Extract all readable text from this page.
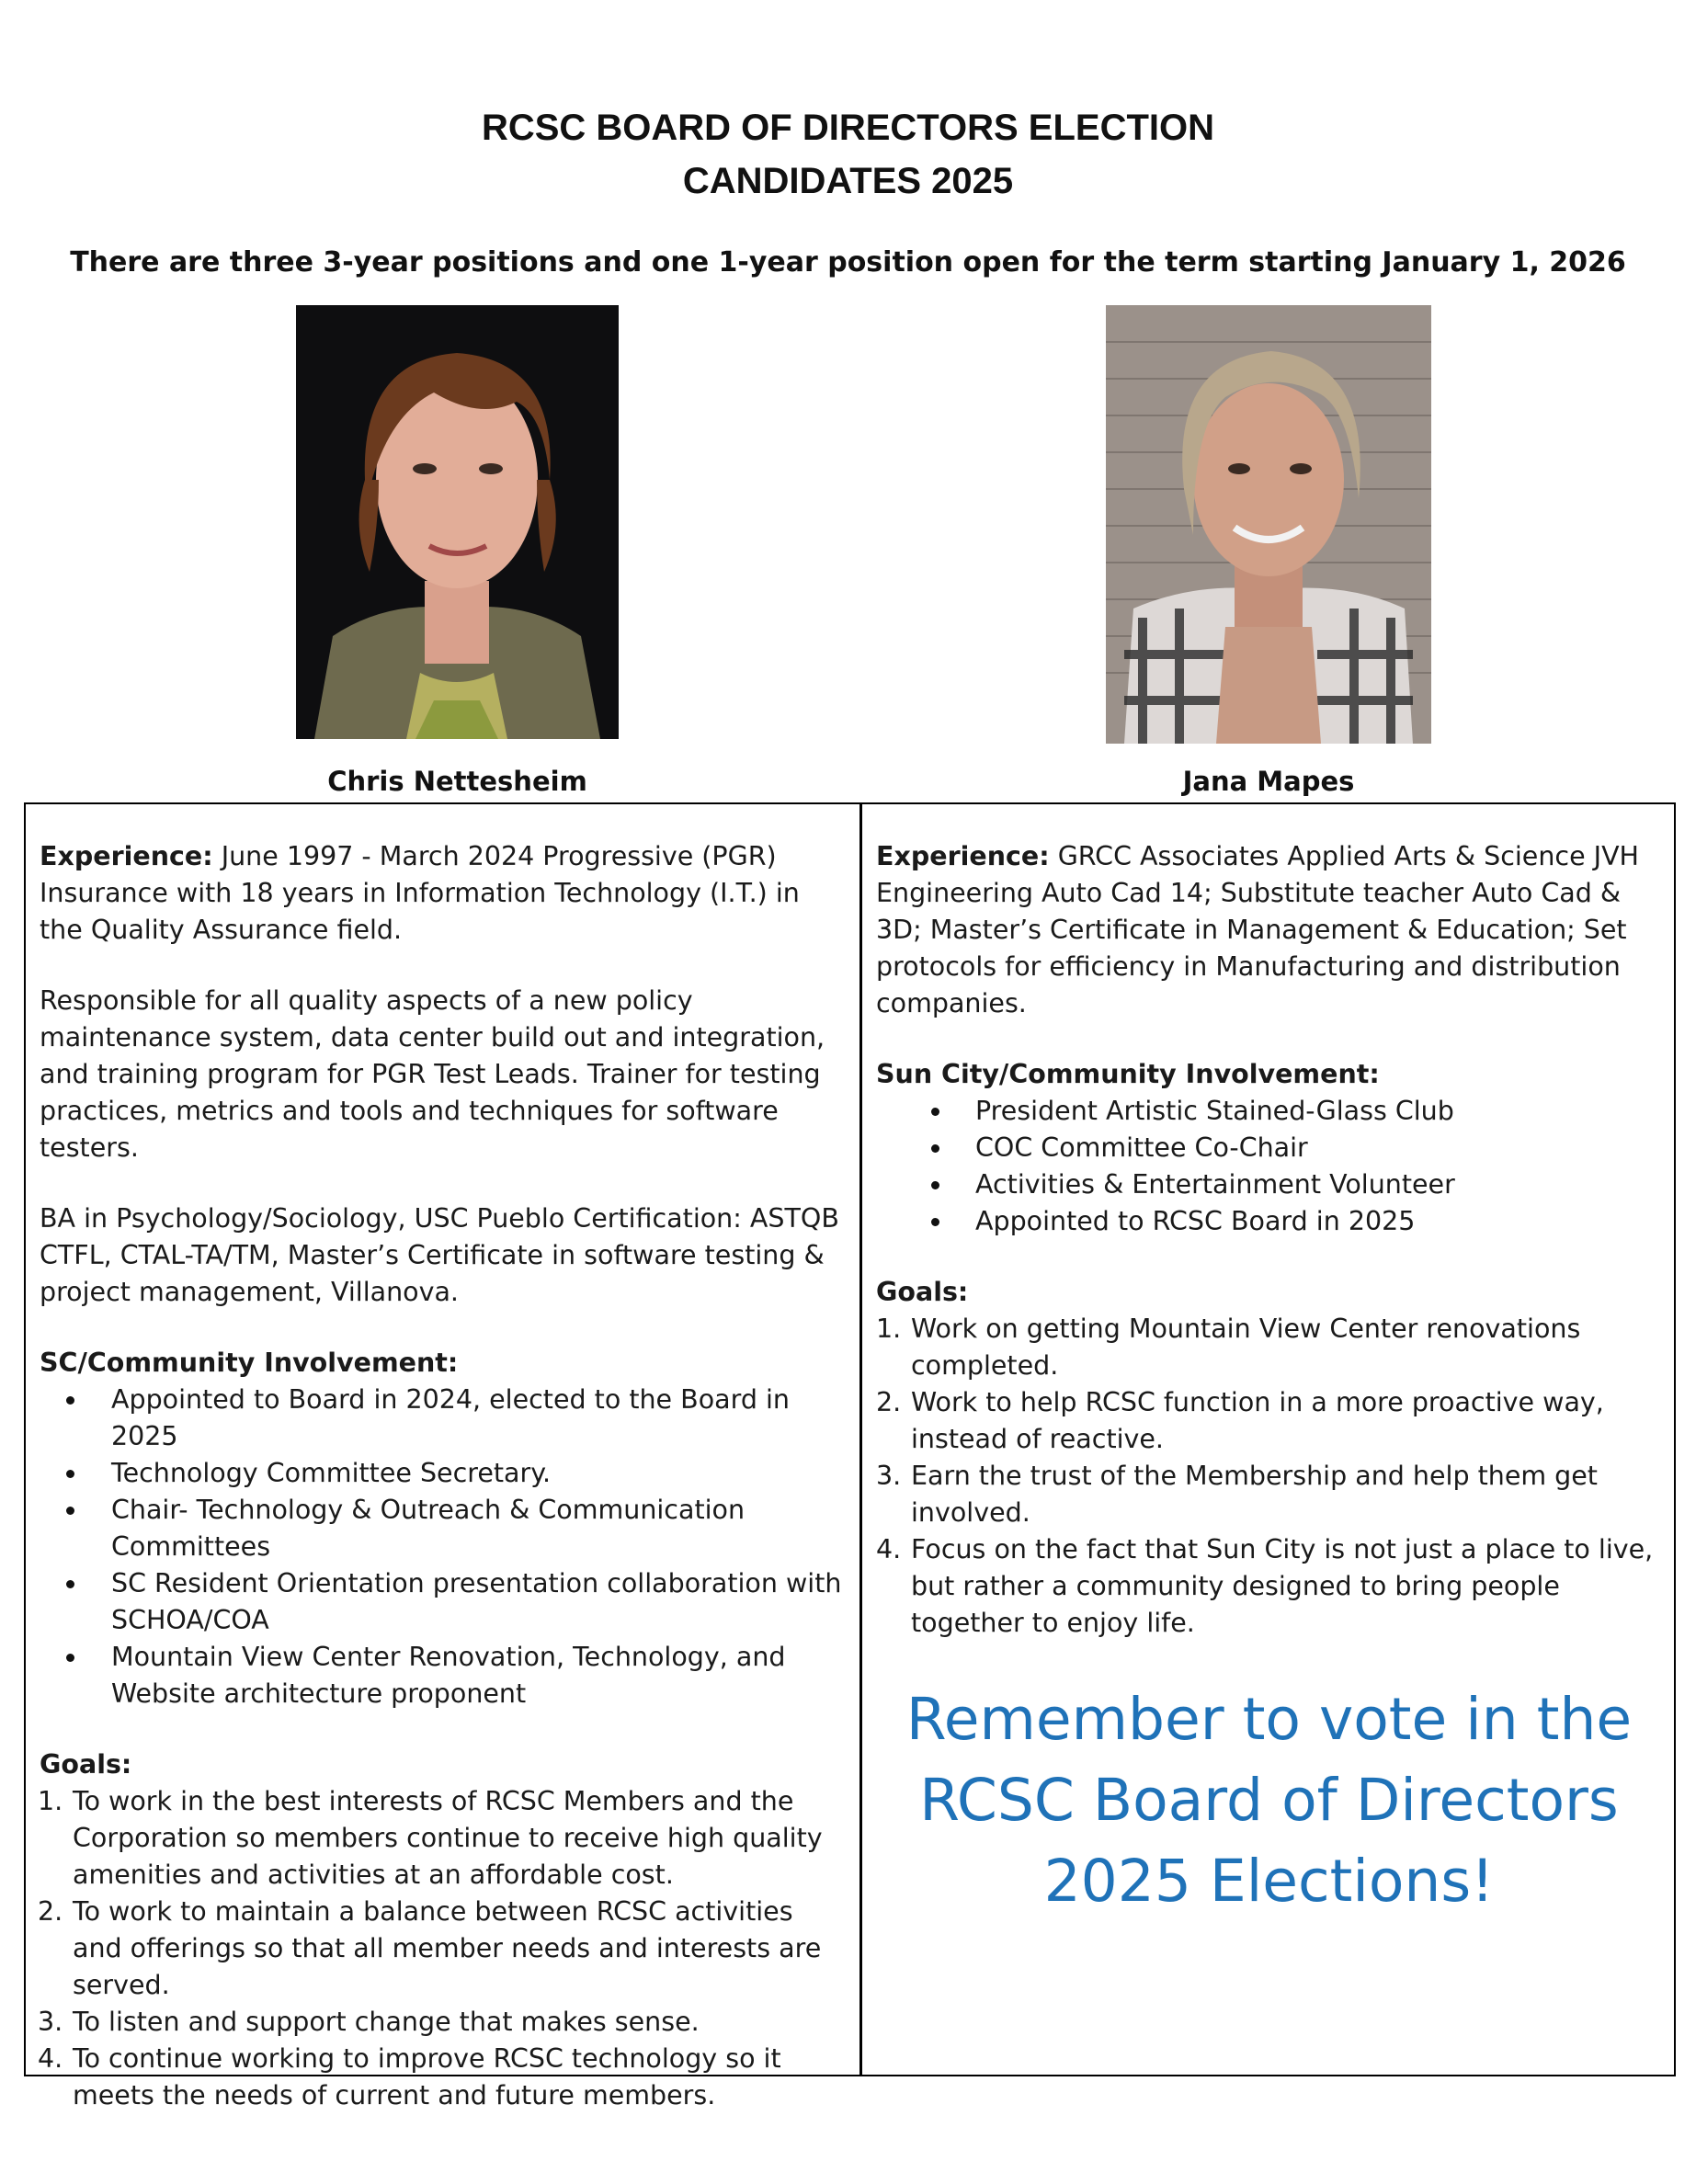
RCSC BOARD OF DIRECTORS ELECTION
CANDIDATES 2025
There are three 3-year positions and one 1-year position open for the term starting January 1, 2026
Chris Nettesheim	Jana Mapes

Experience: June 1997 - March 2024 Progressive (PGR) Insurance with 18 years in Information Technology (I.T.) in the Quality Assurance field.

Responsible for all quality aspects of a new policy maintenance system, data center build out and integration, and training program for PGR Test Leads. Trainer for testing practices, metrics and tools and techniques for software testers.

BA in Psychology/Sociology, USC Pueblo Certification: ASTQB CTFL, CTAL-TA/TM, Master’s Certificate in software testing & project management, Villanova.

SC/Community Involvement:

Appointed to Board in 2024, elected to the Board in 2025
Technology Committee Secretary.
Chair- Technology & Outreach & Communication Committees
SC Resident Orientation presentation collaboration with SCHOA/COA
Mountain View Center Renovation, Technology, and Website architecture proponent

Goals:

1. To work in the best interests of RCSC Members and the Corporation so members continue to receive high quality amenities and activities at an affordable cost.
2. To work to maintain a balance between RCSC activities and offerings so that all member needs and interests are served.
3. To listen and support change that makes sense.
4. To continue working to improve RCSC technology so it meets the needs of current and future members.

Experience: GRCC Associates Applied Arts & Science JVH Engineering Auto Cad 14; Substitute teacher Auto Cad & 3D; Master’s Certificate in Management & Education; Set protocols for efficiency in Manufacturing and distribution companies.

Sun City/Community Involvement:

President Artistic Stained-Glass Club
COC Committee Co-Chair
Activities & Entertainment Volunteer
Appointed to RCSC Board in 2025

Goals:

1. Work on getting Mountain View Center renovations completed.
2. Work to help RCSC function in a more proactive way, instead of reactive.
3. Earn the trust of the Membership and help them get involved.
4. Focus on the fact that Sun City is not just a place to live, but rather a community designed to bring people together to enjoy life.
Remember to vote in the
RCSC Board of Directors
2025 Elections!
